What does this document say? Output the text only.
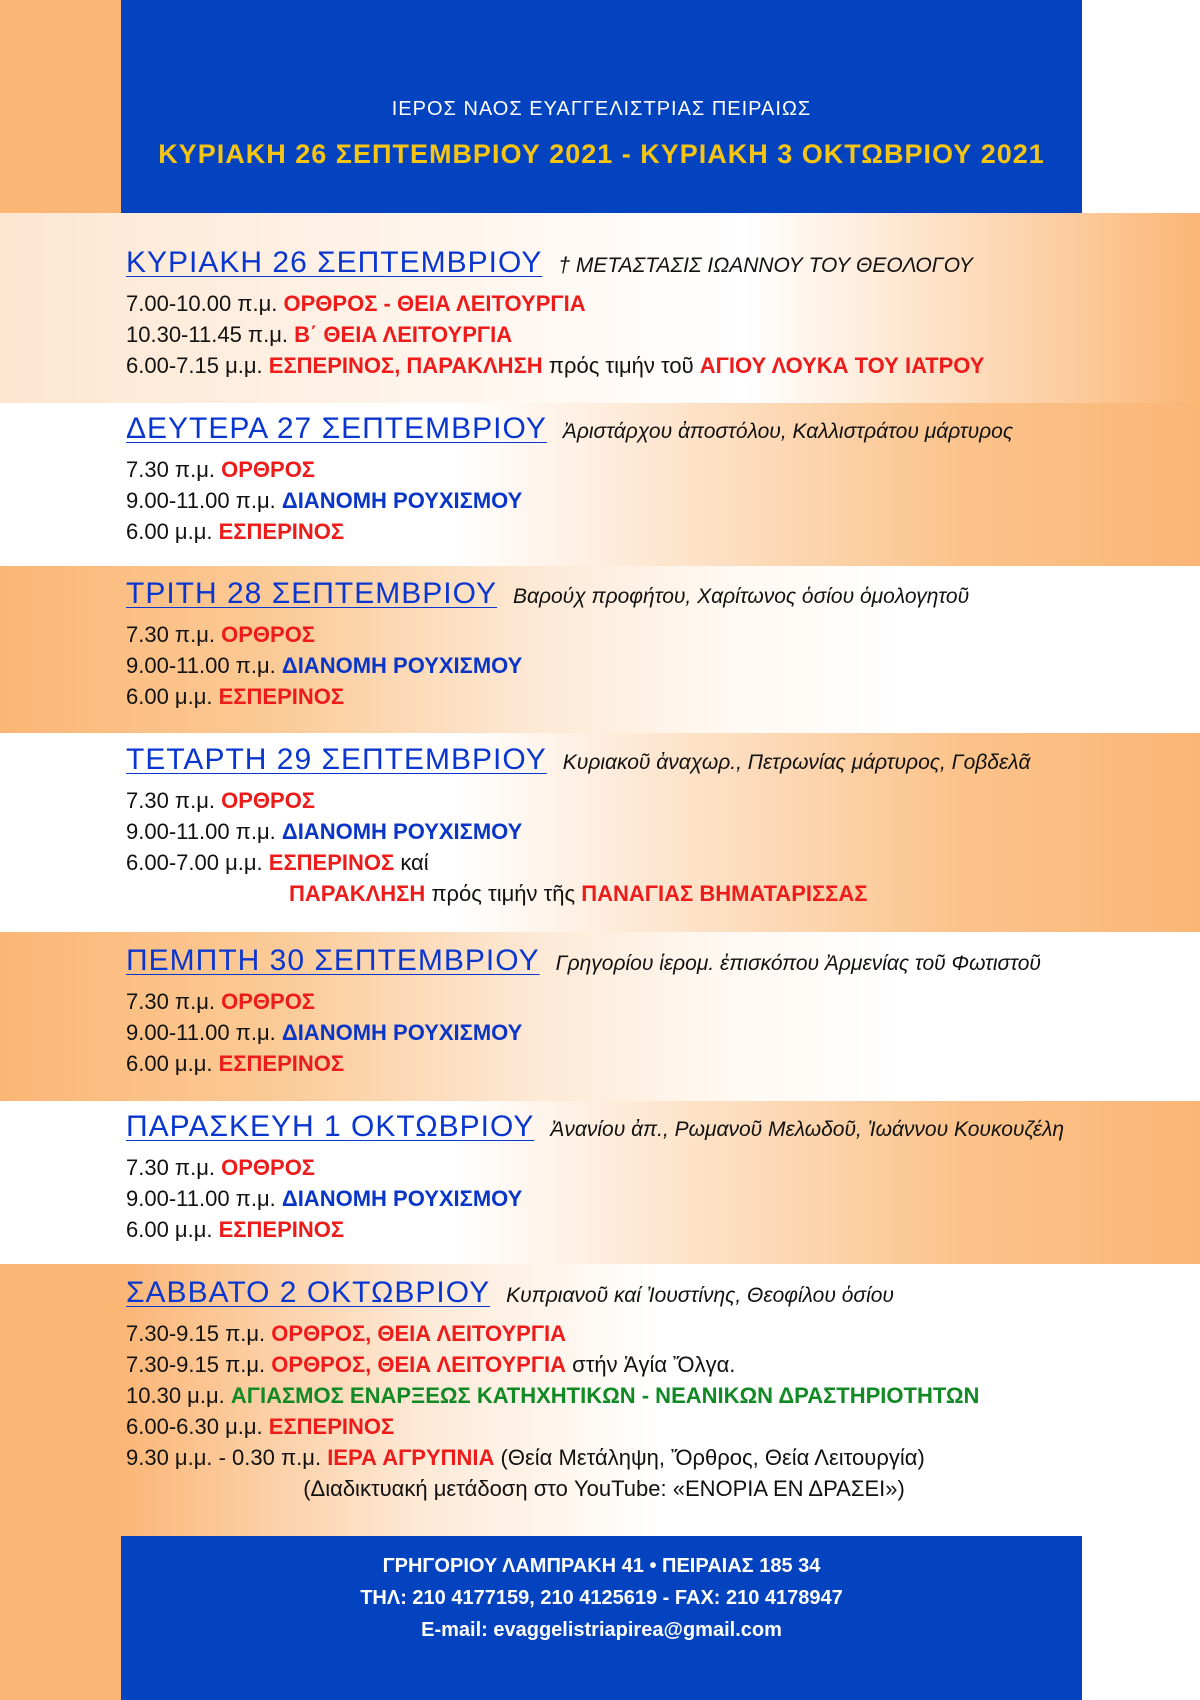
ΙΕΡΟΣ ΝΑΟΣ ΕΥΑΓΓΕΛΙΣΤΡΙΑΣ ΠΕΙΡΑΙΩΣ
ΚΥΡΙΑΚΗ 26 ΣΕΠΤΕΜΒΡΙΟΥ 2021 - ΚΥΡΙΑΚΗ 3 ΟΚΤΩΒΡΙΟΥ 2021
ΚΥΡΙΑΚΗ 26 ΣΕΠΤΕΜΒΡΙΟΥ † ΜΕΤΑΣΤΑΣΙΣ ΙΩΑΝΝΟΥ ΤΟΥ ΘΕΟΛΟΓΟΥ
7.00-10.00 π.μ. ΟΡΘΡΟΣ - ΘΕΙΑ ΛΕΙΤΟΥΡΓΙΑ
10.30-11.45 π.μ. Β΄ ΘΕΙΑ ΛΕΙΤΟΥΡΓΙΑ
6.00-7.15 μ.μ. ΕΣΠΕΡΙΝΟΣ, ΠΑΡΑΚΛΗΣΗ πρός τιμήν τοῦ ΑΓΙΟΥ ΛΟΥΚΑ ΤΟΥ ΙΑΤΡΟΥ
ΔΕΥΤΕΡΑ 27 ΣΕΠΤΕΜΒΡΙΟΥ Ἀριστάρχου ἀποστόλου, Καλλιστράτου μάρτυρος
7.30 π.μ. ΟΡΘΡΟΣ
9.00-11.00 π.μ. ΔΙΑΝΟΜΗ ΡΟΥΧΙΣΜΟΥ
6.00 μ.μ. ΕΣΠΕΡΙΝΟΣ
ΤΡΙΤΗ 28 ΣΕΠΤΕΜΒΡΙΟΥ Βαρούχ προφήτου, Χαρίτωνος ὁσίου ὁμολογητοῦ
7.30 π.μ. ΟΡΘΡΟΣ
9.00-11.00 π.μ. ΔΙΑΝΟΜΗ ΡΟΥΧΙΣΜΟΥ
6.00 μ.μ. ΕΣΠΕΡΙΝΟΣ
ΤΕΤΑΡΤΗ 29 ΣΕΠΤΕΜΒΡΙΟΥ Κυριακοῦ ἀναχωρ., Πετρωνίας μάρτυρος, Γοβδελᾶ
7.30 π.μ. ΟΡΘΡΟΣ
9.00-11.00 π.μ. ΔΙΑΝΟΜΗ ΡΟΥΧΙΣΜΟΥ
6.00-7.00 μ.μ. ΕΣΠΕΡΙΝΟΣ καί
ΠΑΡΑΚΛΗΣΗ πρός τιμήν τῆς ΠΑΝΑΓΙΑΣ ΒΗΜΑΤΑΡΙΣΣΑΣ
ΠΕΜΠΤΗ 30 ΣΕΠΤΕΜΒΡΙΟΥ Γρηγορίου ἱερομ. ἐπισκόπου Ἀρμενίας τοῦ Φωτιστοῦ
7.30 π.μ. ΟΡΘΡΟΣ
9.00-11.00 π.μ. ΔΙΑΝΟΜΗ ΡΟΥΧΙΣΜΟΥ
6.00 μ.μ. ΕΣΠΕΡΙΝΟΣ
ΠΑΡΑΣΚΕΥΗ 1 ΟΚΤΩΒΡΙΟΥ Ἀνανίου ἀπ., Ρωμανοῦ Μελωδοῦ, Ἰωάννου Κουκουζέλη
7.30 π.μ. ΟΡΘΡΟΣ
9.00-11.00 π.μ. ΔΙΑΝΟΜΗ ΡΟΥΧΙΣΜΟΥ
6.00 μ.μ. ΕΣΠΕΡΙΝΟΣ
ΣΑΒΒΑΤΟ 2 ΟΚΤΩΒΡΙΟΥ Κυπριανοῦ καί Ἰουστίνης, Θεοφίλου ὁσίου
7.30-9.15 π.μ. ΟΡΘΡΟΣ, ΘΕΙΑ ΛΕΙΤΟΥΡΓΙΑ
7.30-9.15 π.μ. ΟΡΘΡΟΣ, ΘΕΙΑ ΛΕΙΤΟΥΡΓΙΑ στήν Ἁγία Ὄλγα.
10.30 μ.μ. ΑΓΙΑΣΜΟΣ ΕΝΑΡΞΕΩΣ ΚΑΤΗΧΗΤΙΚΩΝ - ΝΕΑΝΙΚΩΝ ΔΡΑΣΤΗΡΙΟΤΗΤΩΝ
6.00-6.30 μ.μ. ΕΣΠΕΡΙΝΟΣ
9.30 μ.μ. - 0.30 π.μ. ΙΕΡΑ ΑΓΡΥΠΝΙΑ (Θεία Μετάληψη, Ὄρθρος, Θεία Λειτουργία)
(Διαδικτυακή μετάδοση στο YouTube: «ΕΝΟΡΙΑ ΕΝ ΔΡΑΣΕΙ»)
ΓΡΗΓΟΡΙΟΥ ΛΑΜΠΡΑΚΗ 41 • ΠΕΙΡΑΙΑΣ 185 34
ΤΗΛ: 210 4177159, 210 4125619 - FAX: 210 4178947
E-mail: evaggelistriapirea@gmail.com
